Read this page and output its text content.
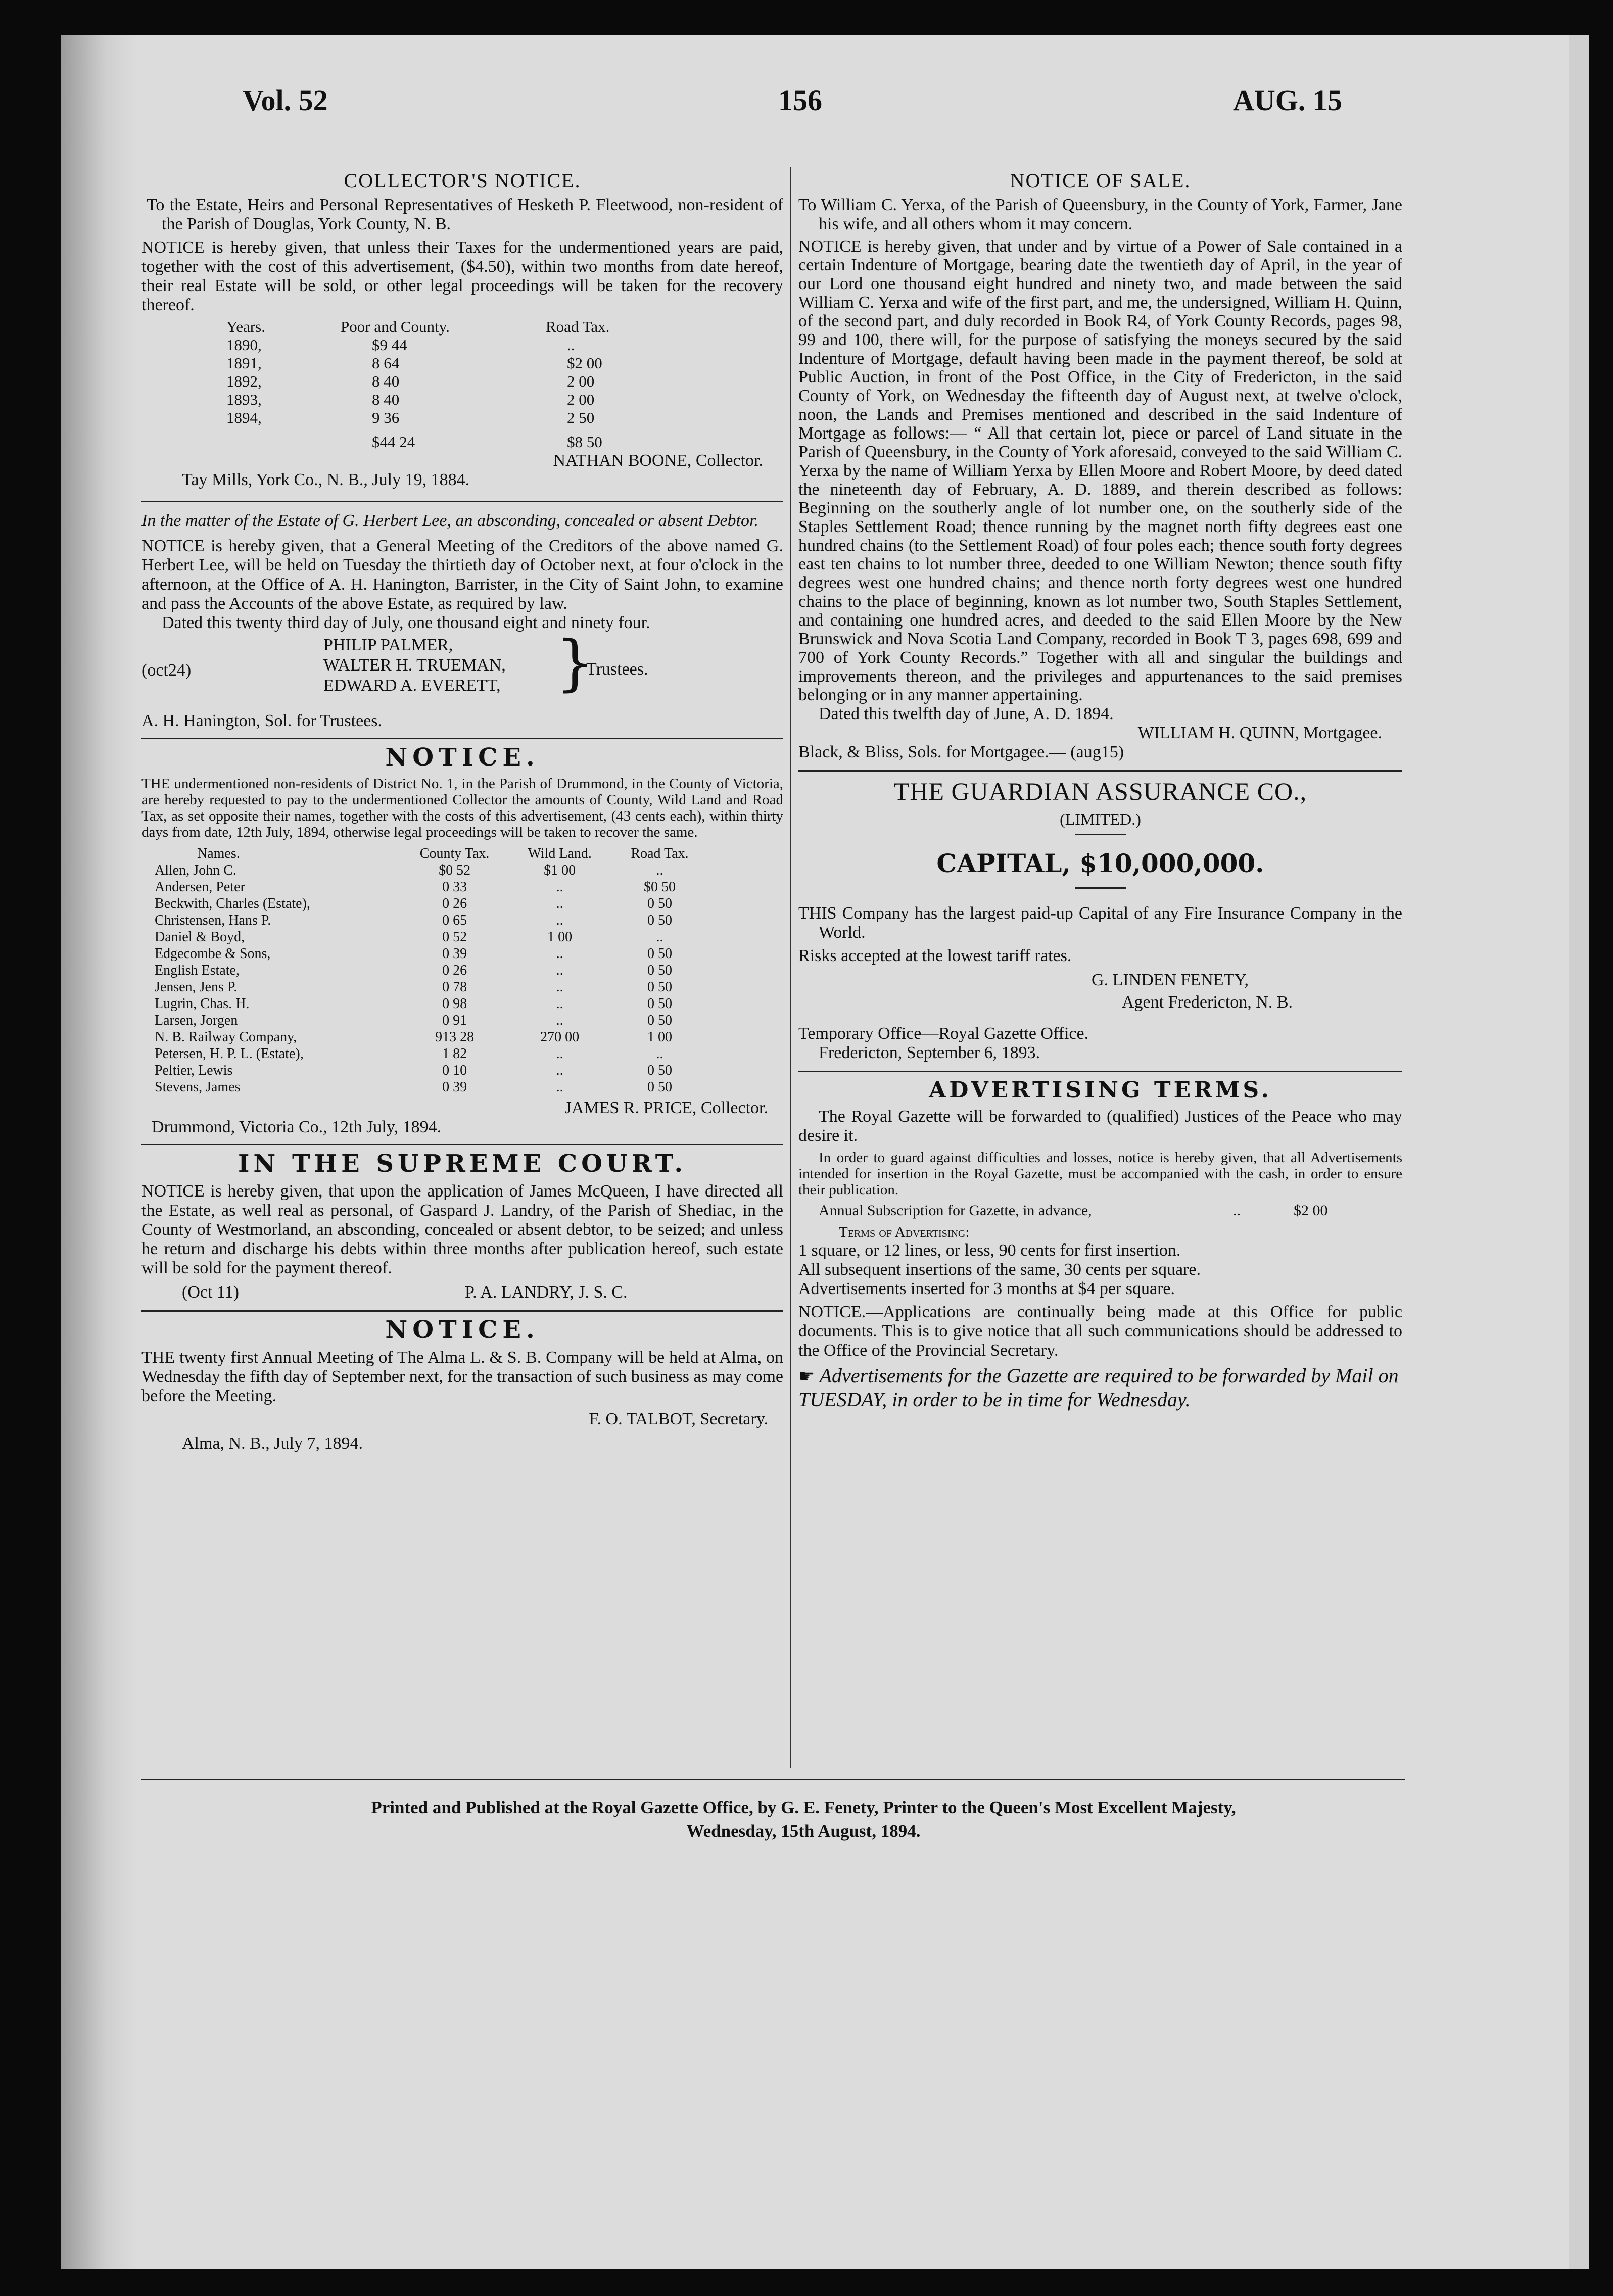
Vol. 52	156	AUG. 15
COLLECTOR'S NOTICE.

To the Estate, Heirs and Personal Representatives of Hesketh P. Fleetwood, non-resident of the Parish of Douglas, York County, N. B.

NOTICE is hereby given, that unless their Taxes for the undermentioned years are paid, together with the cost of this advertisement, ($4.50), within two months from date hereof, their real Estate will be sold, or other legal proceedings will be taken for the recovery thereof.

Years.	Poor and County.	Road Tax.
1890,	$9 44	..
1891,	8 64	$2 00
1892,	8 40	2 00
1893,	8 40	2 00
1894,	9 36	2 50
	$44 24	$8 50
NATHAN BOONE, Collector.
Tay Mills, York Co., N. B., July 19, 1884.

In the matter of the Estate of G. Herbert Lee, an absconding, concealed or absent Debtor.

NOTICE is hereby given, that a General Meeting of the Creditors of the above named G. Herbert Lee, will be held on Tuesday the thirtieth day of October next, at four o'clock in the afternoon, at the Office of A. H. Hanington, Barrister, in the City of Saint John, to examine and pass the Accounts of the above Estate, as required by law.

Dated this twenty third day of July, one thousand eight and ninety four.

(oct24)
PHILIP PALMER,
WALTER H. TRUEMAN,
EDWARD A. EVERETT, }
Trustees.
A. H. Hanington, Sol. for Trustees.
NOTICE.

THE undermentioned non-residents of District No. 1, in the Parish of Drummond, in the County of Victoria, are hereby requested to pay to the undermentioned Collector the amounts of County, Wild Land and Road Tax, as set opposite their names, together with the costs of this advertisement, (43 cents each), within thirty days from date, 12th July, 1894, otherwise legal proceedings will be taken to recover the same.

Names.	County Tax.	Wild Land.	Road Tax.
Allen, John C.	$0 52	$1 00	..
Andersen, Peter	0 33	..	$0 50
Beckwith, Charles (Estate),	0 26	..	0 50
Christensen, Hans P.	0 65	..	0 50
Daniel & Boyd,	0 52	1 00	..
Edgecombe & Sons,	0 39	..	0 50
English Estate,	0 26	..	0 50
Jensen, Jens P.	0 78	..	0 50
Lugrin, Chas. H.	0 98	..	0 50
Larsen, Jorgen	0 91	..	0 50
N. B. Railway Company,	913 28	270 00	1 00
Petersen, H. P. L. (Estate),	1 82	..	..
Peltier, Lewis	0 10	..	0 50
Stevens, James	0 39	..	0 50
JAMES R. PRICE, Collector.
Drummond, Victoria Co., 12th July, 1894.
IN THE SUPREME COURT.

NOTICE is hereby given, that upon the application of James McQueen, I have directed all the Estate, as well real as personal, of Gaspard J. Landry, of the Parish of Shediac, in the County of Westmorland, an absconding, concealed or absent debtor, to be seized; and unless he return and discharge his debts within three months after publication hereof, such estate will be sold for the payment thereof.

(Oct 11)	P. A. LANDRY, J. S. C.
NOTICE.

THE twenty first Annual Meeting of The Alma L. & S. B. Company will be held at Alma, on Wednesday the fifth day of September next, for the transaction of such business as may come before the Meeting.

F. O. TALBOT, Secretary.
Alma, N. B., July 7, 1894.
NOTICE OF SALE.

To William C. Yerxa, of the Parish of Queensbury, in the County of York, Farmer, Jane his wife, and all others whom it may concern.

NOTICE is hereby given, that under and by virtue of a Power of Sale contained in a certain Indenture of Mortgage, bearing date the twentieth day of April, in the year of our Lord one thousand eight hundred and ninety two, and made between the said William C. Yerxa and wife of the first part, and me, the undersigned, William H. Quinn, of the second part, and duly recorded in Book R4, of York County Records, pages 98, 99 and 100, there will, for the purpose of satisfying the moneys secured by the said Indenture of Mortgage, default having been made in the payment thereof, be sold at Public Auction, in front of the Post Office, in the City of Fredericton, in the said County of York, on Wednesday the fifteenth day of August next, at twelve o'clock, noon, the Lands and Premises mentioned and described in the said Indenture of Mortgage as follows:— “ All that certain lot, piece or parcel of Land situate in the Parish of Queensbury, in the County of York aforesaid, conveyed to the said William C. Yerxa by the name of William Yerxa by Ellen Moore and Robert Moore, by deed dated the nineteenth day of February, A. D. 1889, and therein described as follows: Beginning on the southerly angle of lot number one, on the southerly side of the Staples Settlement Road; thence running by the magnet north fifty degrees east one hundred chains (to the Settlement Road) of four poles each; thence south forty degrees east ten chains to lot number three, deeded to one William Newton; thence south fifty degrees west one hundred chains; and thence north forty degrees west one hundred chains to the place of beginning, known as lot number two, South Staples Settlement, and containing one hundred acres, and deeded to the said Ellen Moore by the New Brunswick and Nova Scotia Land Company, recorded in Book T 3, pages 698, 699 and 700 of York County Records.” Together with all and singular the buildings and improvements thereon, and the privileges and appurtenances to the said premises belonging or in any manner appertaining.

Dated this twelfth day of June, A. D. 1894.

WILLIAM H. QUINN, Mortgagee.
Black, & Bliss, Sols. for Mortgagee.— (aug15)
THE GUARDIAN ASSURANCE CO.,
(LIMITED.)
CAPITAL, $10,000,000.

THIS Company has the largest paid-up Capital of any Fire Insurance Company in the World.

Risks accepted at the lowest tariff rates.

G. LINDEN FENETY,
Agent Fredericton, N. B.
Temporary Office—Royal Gazette Office.
Fredericton, September 6, 1893.
ADVERTISING TERMS.

The Royal Gazette will be forwarded to (qualified) Justices of the Peace who may desire it.

In order to guard against difficulties and losses, notice is hereby given, that all Advertisements intended for insertion in the Royal Gazette, must be accompanied with the cash, in order to ensure their publication.

Annual Subscription for Gazette, in advance,	..	$2 00
Terms of Advertising:
1 square, or 12 lines, or less, 90 cents for first insertion.
All subsequent insertions of the same, 30 cents per square.
Advertisements inserted for 3 months at $4 per square.

NOTICE.—Applications are continually being made at this Office for public documents. This is to give notice that all such communications should be addressed to the Office of the Provincial Secretary.

☛ Advertisements for the Gazette are required to be forwarded by Mail on TUESDAY, in order to be in time for Wednesday.

Printed and Published at the Royal Gazette Office, by G. E. Fenety, Printer to the Queen's Most Excellent Majesty,
Wednesday, 15th August, 1894.
